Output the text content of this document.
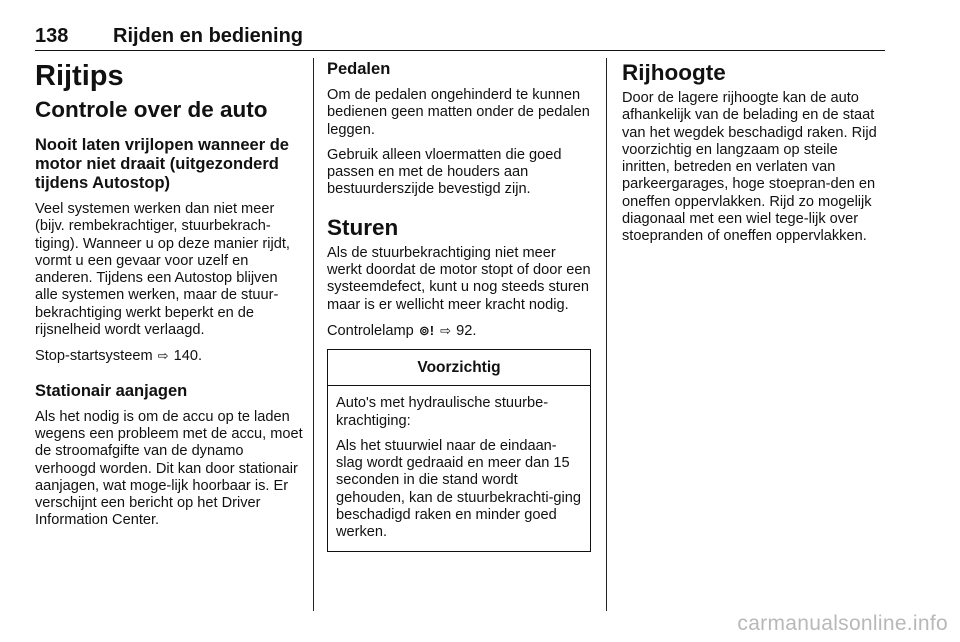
138	Rijden en bediening
Rijtips
Controle over de auto
Nooit laten vrijlopen wanneer de motor niet draait (uitgezonderd tijdens Autostop)

Veel systemen werken dan niet meer (bijv. rembekrachtiger, stuurbekrach-tiging). Wanneer u op deze manier rijdt, vormt u een gevaar voor uzelf en anderen. Tijdens een Autostop blijven alle systemen werken, maar de stuur-bekrachtiging werkt beperkt en de rijsnelheid wordt verlaagd.

Stop-startsysteem ⇨ 140.

Stationair aanjagen

Als het nodig is om de accu op te laden wegens een probleem met de accu, moet de stroomafgifte van de dynamo verhoogd worden. Dit kan door stationair aanjagen, wat moge-lijk hoorbaar is. Er verschijnt een bericht op het Driver Information Center.

Pedalen

Om de pedalen ongehinderd te kunnen bedienen geen matten onder de pedalen leggen.

Gebruik alleen vloermatten die goed passen en met de houders aan bestuurderszijde bevestigd zijn.

Sturen

Als de stuurbekrachtiging niet meer werkt doordat de motor stopt of door een systeemdefect, kunt u nog steeds sturen maar is er wellicht meer kracht nodig.

Controlelamp ⊚! ⇨ 92.

Voorzichtig

Auto's met hydraulische stuurbe-krachtiging:

Als het stuurwiel naar de eindaan-slag wordt gedraaid en meer dan 15 seconden in die stand wordt gehouden, kan de stuurbekrachti-ging beschadigd raken en minder goed werken.

Rijhoogte

Door de lagere rijhoogte kan de auto afhankelijk van de belading en de staat van het wegdek beschadigd raken. Rijd voorzichtig en langzaam op steile inritten, betreden en verlaten van parkeergarages, hoge stoepran-den en oneffen oppervlakken. Rijd zo mogelijk diagonaal met een wiel tege-lijk over stoepranden of oneffen oppervlakken.

carmanualsonline.info
